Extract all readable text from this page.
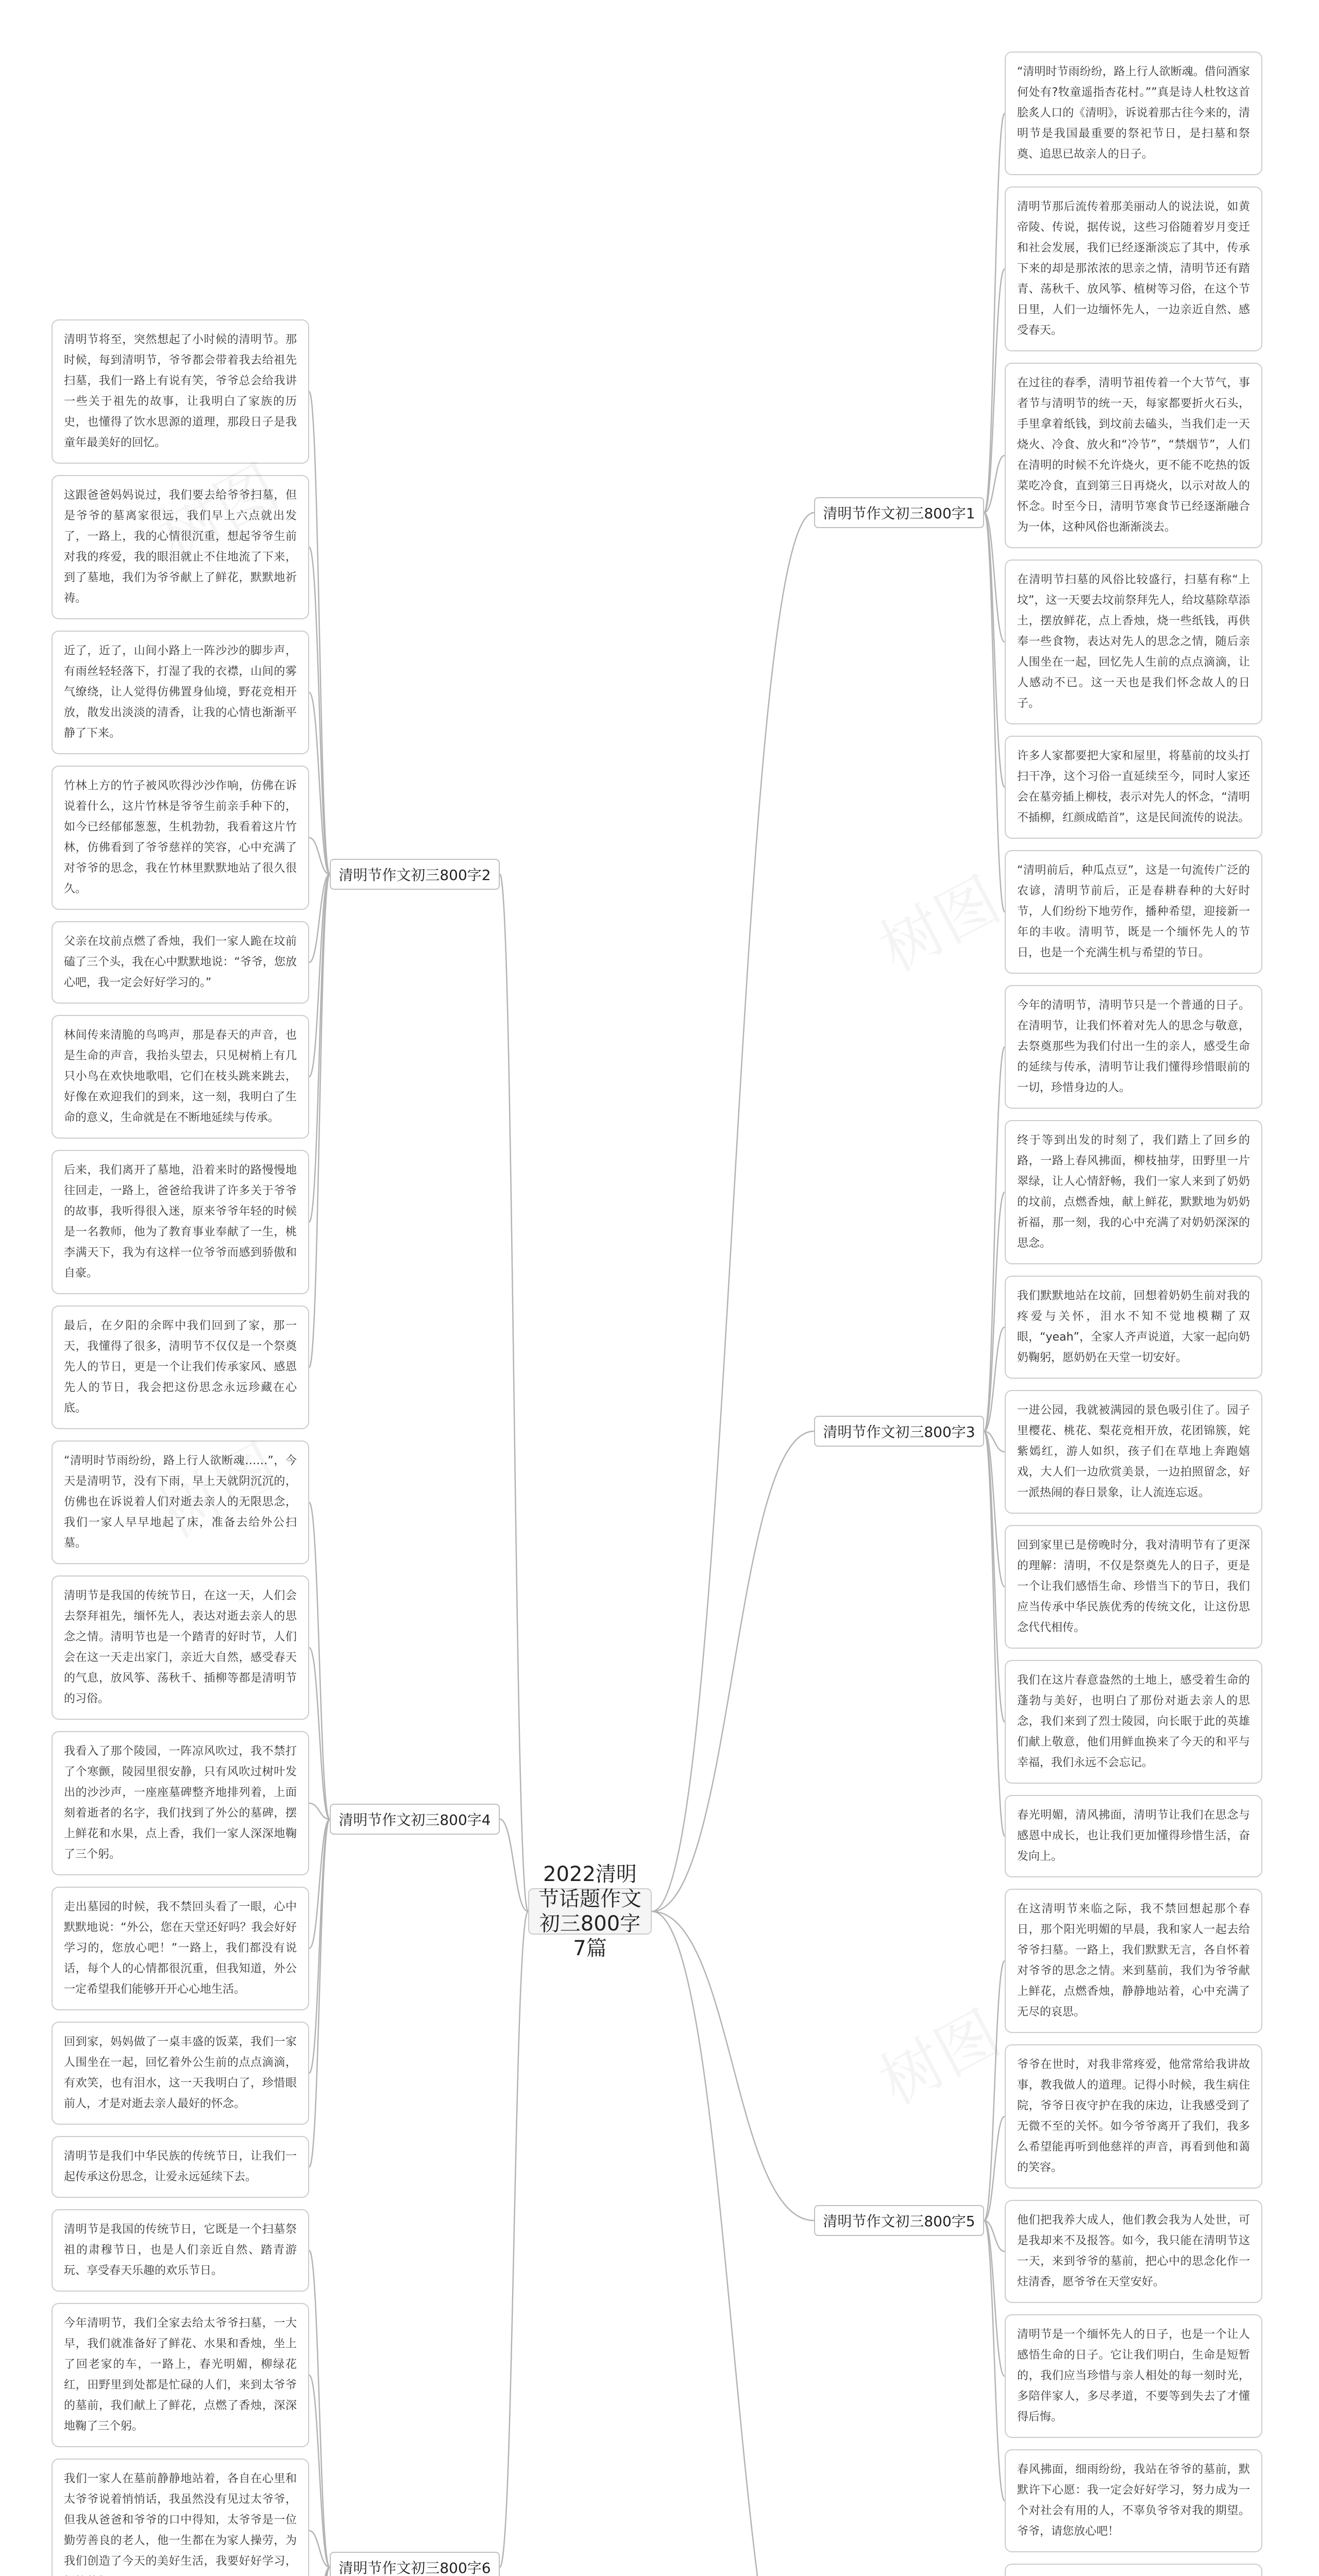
2022清明节话题作文初三800字7篇
清明节作文初三800字1
清明节作文初三800字2
清明节作文初三800字3
清明节作文初三800字4
清明节作文初三800字5
清明节作文初三800字6
“清明时节雨纷纷，路上行人欲断魂。借问酒家何处有?牧童遥指杏花村。””真是诗人杜牧这首脍炙人口的《清明》，诉说着那古往今来的，清明节是我国最重要的祭祀节日，是扫墓和祭奠、追思已故亲人的日子。
清明节那后流传着那美丽动人的说法说，如黄帝陵、传说，据传说，这些习俗随着岁月变迁和社会发展，我们已经逐渐淡忘了其中，传承下来的却是那浓浓的思亲之情，清明节还有踏青、荡秋千、放风筝、植树等习俗，在这个节日里，人们一边缅怀先人，一边亲近自然、感受春天。
在过往的春季，清明节祖传着一个大节气，事者节与清明节的统一天，每家都要折火石头，手里拿着纸钱，到坟前去磕头，当我们走一天烧火、冷食、放火和“冷节”，“禁烟节”，人们在清明的时候不允许烧火，更不能不吃热的饭菜吃冷食，直到第三日再烧火，以示对故人的怀念。时至今日，清明节寒食节已经逐渐融合为一体，这种风俗也渐渐淡去。
在清明节扫墓的风俗比较盛行，扫墓有称“上坟”，这一天要去坟前祭拜先人，给坟墓除草添土，摆放鲜花，点上香烛，烧一些纸钱，再供奉一些食物，表达对先人的思念之情，随后亲人围坐在一起，回忆先人生前的点点滴滴，让人感动不已。这一天也是我们怀念故人的日子。
许多人家都要把大家和屋里，将墓前的坟头打扫干净，这个习俗一直延续至今，同时人家还会在墓旁插上柳枝，表示对先人的怀念，“清明不插柳，红颜成皓首”，这是民间流传的说法。
“清明前后，种瓜点豆”，这是一句流传广泛的农谚，清明节前后，正是春耕春种的大好时节，人们纷纷下地劳作，播种希望，迎接新一年的丰收。清明节，既是一个缅怀先人的节日，也是一个充满生机与希望的节日。
清明节将至，突然想起了小时候的清明节。那时候，每到清明节，爷爷都会带着我去给祖先扫墓，我们一路上有说有笑，爷爷总会给我讲一些关于祖先的故事，让我明白了家族的历史，也懂得了饮水思源的道理，那段日子是我童年最美好的回忆。
这跟爸爸妈妈说过，我们要去给爷爷扫墓，但是爷爷的墓离家很远，我们早上六点就出发了，一路上，我的心情很沉重，想起爷爷生前对我的疼爱，我的眼泪就止不住地流了下来，到了墓地，我们为爷爷献上了鲜花，默默地祈祷。
近了，近了，山间小路上一阵沙沙的脚步声，有雨丝轻轻落下，打湿了我的衣襟，山间的雾气缭绕，让人觉得仿佛置身仙境，野花竞相开放，散发出淡淡的清香，让我的心情也渐渐平静了下来。
竹林上方的竹子被风吹得沙沙作响，仿佛在诉说着什么，这片竹林是爷爷生前亲手种下的，如今已经郁郁葱葱，生机勃勃，我看着这片竹林，仿佛看到了爷爷慈祥的笑容，心中充满了对爷爷的思念，我在竹林里默默地站了很久很久。
父亲在坟前点燃了香烛，我们一家人跪在坟前磕了三个头，我在心中默默地说：“爷爷，您放心吧，我一定会好好学习的。”
林间传来清脆的鸟鸣声，那是春天的声音，也是生命的声音，我抬头望去，只见树梢上有几只小鸟在欢快地歌唱，它们在枝头跳来跳去，好像在欢迎我们的到来，这一刻，我明白了生命的意义，生命就是在不断地延续与传承。
后来，我们离开了墓地，沿着来时的路慢慢地往回走，一路上，爸爸给我讲了许多关于爷爷的故事，我听得很入迷，原来爷爷年轻的时候是一名教师，他为了教育事业奉献了一生，桃李满天下，我为有这样一位爷爷而感到骄傲和自豪。
最后，在夕阳的余晖中我们回到了家，那一天，我懂得了很多，清明节不仅仅是一个祭奠先人的节日，更是一个让我们传承家风、感恩先人的节日，我会把这份思念永远珍藏在心底。
今年的清明节，清明节只是一个普通的日子。在清明节，让我们怀着对先人的思念与敬意，去祭奠那些为我们付出一生的亲人，感受生命的延续与传承，清明节让我们懂得珍惜眼前的一切，珍惜身边的人。
终于等到出发的时刻了，我们踏上了回乡的路，一路上春风拂面，柳枝抽芽，田野里一片翠绿，让人心情舒畅，我们一家人来到了奶奶的坟前，点燃香烛，献上鲜花，默默地为奶奶祈福，那一刻，我的心中充满了对奶奶深深的思念。
我们默默地站在坟前，回想着奶奶生前对我的疼爱与关怀，泪水不知不觉地模糊了双眼，“yeah”，全家人齐声说道，大家一起向奶奶鞠躬，愿奶奶在天堂一切安好。
一进公园，我就被满园的景色吸引住了。园子里樱花、桃花、梨花竞相开放，花团锦簇，姹紫嫣红，游人如织，孩子们在草地上奔跑嬉戏，大人们一边欣赏美景，一边拍照留念，好一派热闹的春日景象，让人流连忘返。
回到家里已是傍晚时分，我对清明节有了更深的理解：清明，不仅是祭奠先人的日子，更是一个让我们感悟生命、珍惜当下的节日，我们应当传承中华民族优秀的传统文化，让这份思念代代相传。
我们在这片春意盎然的土地上，感受着生命的蓬勃与美好，也明白了那份对逝去亲人的思念，我们来到了烈士陵园，向长眠于此的英雄们献上敬意，他们用鲜血换来了今天的和平与幸福，我们永远不会忘记。
春光明媚，清风拂面，清明节让我们在思念与感恩中成长，也让我们更加懂得珍惜生活，奋发向上。
“清明时节雨纷纷，路上行人欲断魂……”，今天是清明节，没有下雨，早上天就阴沉沉的，仿佛也在诉说着人们对逝去亲人的无限思念，我们一家人早早地起了床，准备去给外公扫墓。
清明节是我国的传统节日，在这一天，人们会去祭拜祖先，缅怀先人，表达对逝去亲人的思念之情。清明节也是一个踏青的好时节，人们会在这一天走出家门，亲近大自然，感受春天的气息，放风筝、荡秋千、插柳等都是清明节的习俗。
我看入了那个陵园，一阵凉风吹过，我不禁打了个寒颤，陵园里很安静，只有风吹过树叶发出的沙沙声，一座座墓碑整齐地排列着，上面刻着逝者的名字，我们找到了外公的墓碑，摆上鲜花和水果，点上香，我们一家人深深地鞠了三个躬。
走出墓园的时候，我不禁回头看了一眼，心中默默地说：“外公，您在天堂还好吗？我会好好学习的，您放心吧！”一路上，我们都没有说话，每个人的心情都很沉重，但我知道，外公一定希望我们能够开开心心地生活。
回到家，妈妈做了一桌丰盛的饭菜，我们一家人围坐在一起，回忆着外公生前的点点滴滴，有欢笑，也有泪水，这一天我明白了，珍惜眼前人，才是对逝去亲人最好的怀念。
清明节是我们中华民族的传统节日，让我们一起传承这份思念，让爱永远延续下去。
在这清明节来临之际，我不禁回想起那个春日，那个阳光明媚的早晨，我和家人一起去给爷爷扫墓。一路上，我们默默无言，各自怀着对爷爷的思念之情。来到墓前，我们为爷爷献上鲜花，点燃香烛，静静地站着，心中充满了无尽的哀思。
爷爷在世时，对我非常疼爱，他常常给我讲故事，教我做人的道理。记得小时候，我生病住院，爷爷日夜守护在我的床边，让我感受到了无微不至的关怀。如今爷爷离开了我们，我多么希望能再听到他慈祥的声音，再看到他和蔼的笑容。
他们把我养大成人，他们教会我为人处世，可是我却来不及报答。如今，我只能在清明节这一天，来到爷爷的墓前，把心中的思念化作一炷清香，愿爷爷在天堂安好。
清明节是一个缅怀先人的日子，也是一个让人感悟生命的日子。它让我们明白，生命是短暂的，我们应当珍惜与亲人相处的每一刻时光，多陪伴家人，多尽孝道，不要等到失去了才懂得后悔。
春风拂面，细雨纷纷，我站在爷爷的墓前，默默许下心愿：我一定会好好学习，努力成为一个对社会有用的人，不辜负爷爷对我的期望。爷爷，请您放心吧！
清明节是我国的传统节日，它既是一个扫墓祭祖的肃穆节日，也是人们亲近自然、踏青游玩、享受春天乐趣的欢乐节日。
今年清明节，我们全家去给太爷爷扫墓，一大早，我们就准备好了鲜花、水果和香烛，坐上了回老家的车，一路上，春光明媚，柳绿花红，田野里到处都是忙碌的人们，来到太爷爷的墓前，我们献上了鲜花，点燃了香烛，深深地鞠了三个躬。
我们一家人在墓前静静地站着，各自在心里和太爷爷说着悄悄话，我虽然没有见过太爷爷，但我从爸爸和爷爷的口中得知，太爷爷是一位勤劳善良的老人，他一生都在为家人操劳，为我们创造了今天的美好生活，我要好好学习，
